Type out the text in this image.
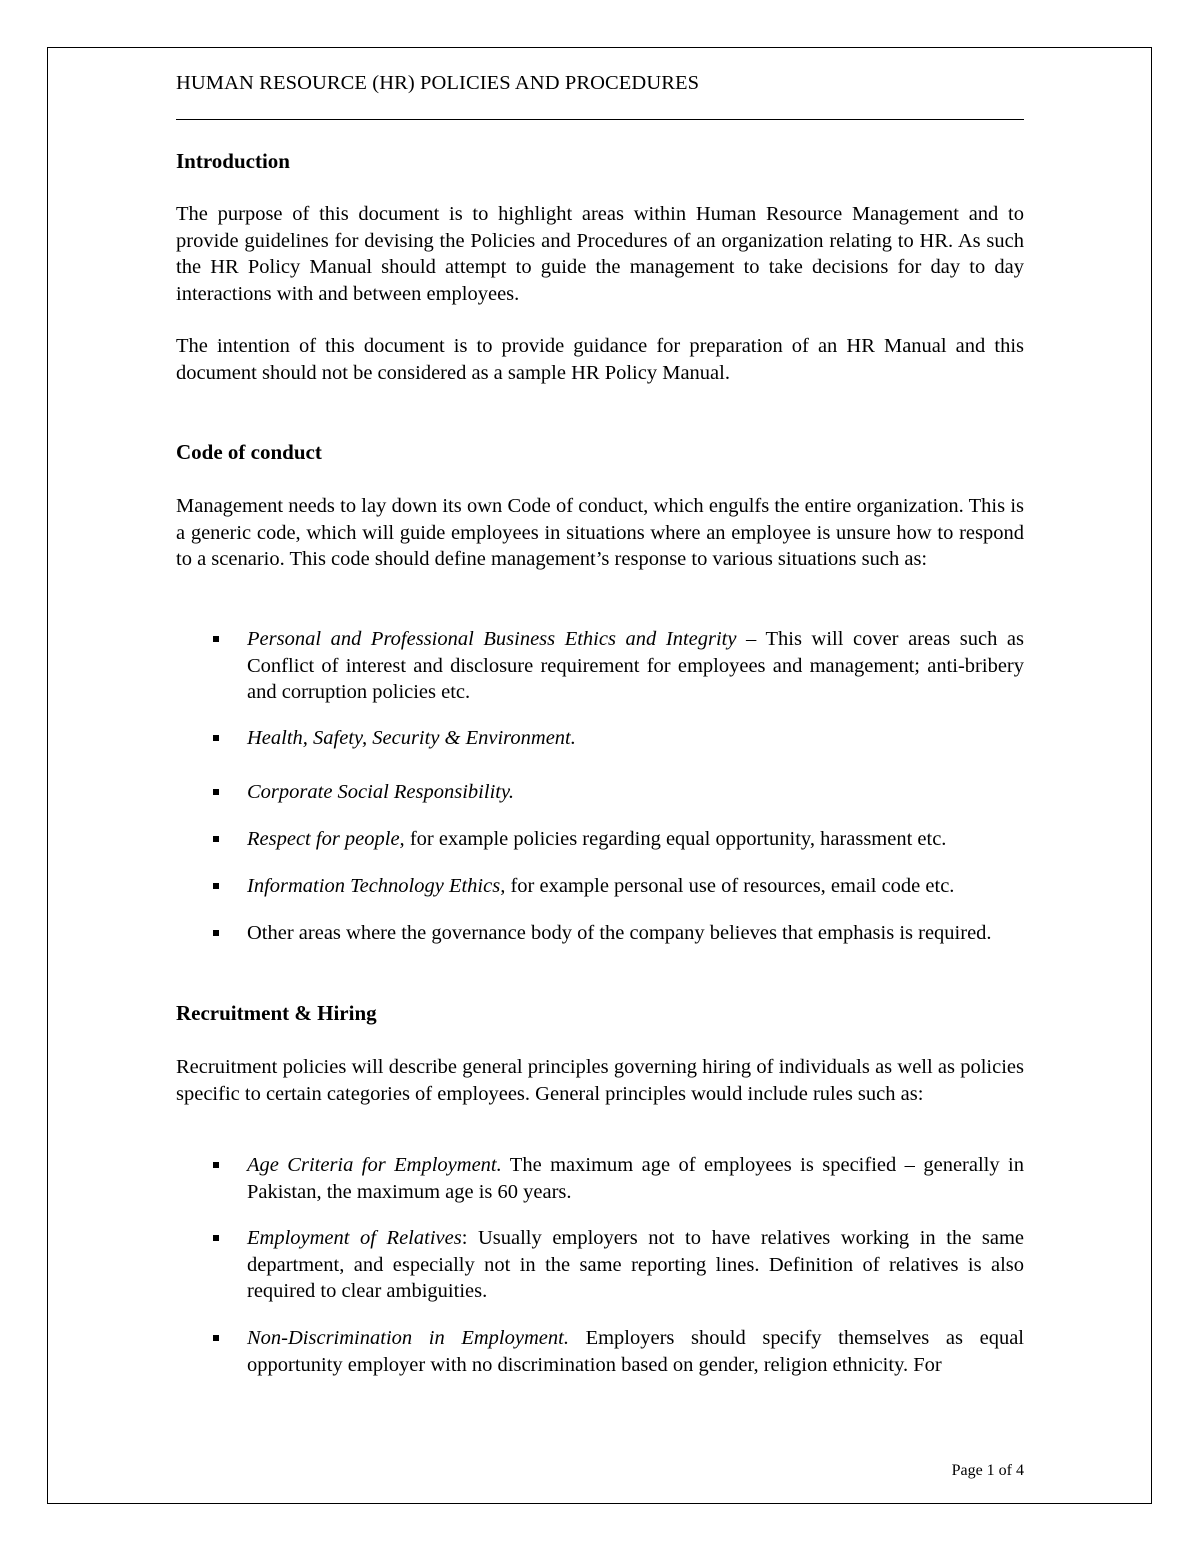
HUMAN RESOURCE (HR) POLICIES AND PROCEDURES
Introduction

The purpose of this document is to highlight areas within Human Resource Management and to provide guidelines for devising the Policies and Procedures of an organization relating to HR. As such the HR Policy Manual should attempt to guide the management to take decisions for day to day interactions with and between employees.

The intention of this document is to provide guidance for preparation of an HR Manual and this document should not be considered as a sample HR Policy Manual.

Code of conduct

Management needs to lay down its own Code of conduct, which engulfs the entire organization. This is a generic code, which will guide employees in situations where an employee is unsure how to respond to a scenario. This code should define management’s response to various situations such as:

Personal and Professional Business Ethics and Integrity – This will cover areas such as Conflict of interest and disclosure requirement for employees and management; anti-bribery and corruption policies etc.
Health, Safety, Security & Environment.
Corporate Social Responsibility.
Respect for people, for example policies regarding equal opportunity, harassment etc.
Information Technology Ethics, for example personal use of resources, email code etc.
Other areas where the governance body of the company believes that emphasis is required.
Recruitment & Hiring

Recruitment policies will describe general principles governing hiring of individuals as well as policies specific to certain categories of employees. General principles would include rules such as:

Age Criteria for Employment. The maximum age of employees is specified – generally in Pakistan, the maximum age is 60 years.
Employment of Relatives: Usually employers not to have relatives working in the same department, and especially not in the same reporting lines. Definition of relatives is also required to clear ambiguities.
Non-Discrimination in Employment. Employers should specify themselves as equal opportunity employer with no discrimination based on gender, religion ethnicity. For
Page 1 of 4
